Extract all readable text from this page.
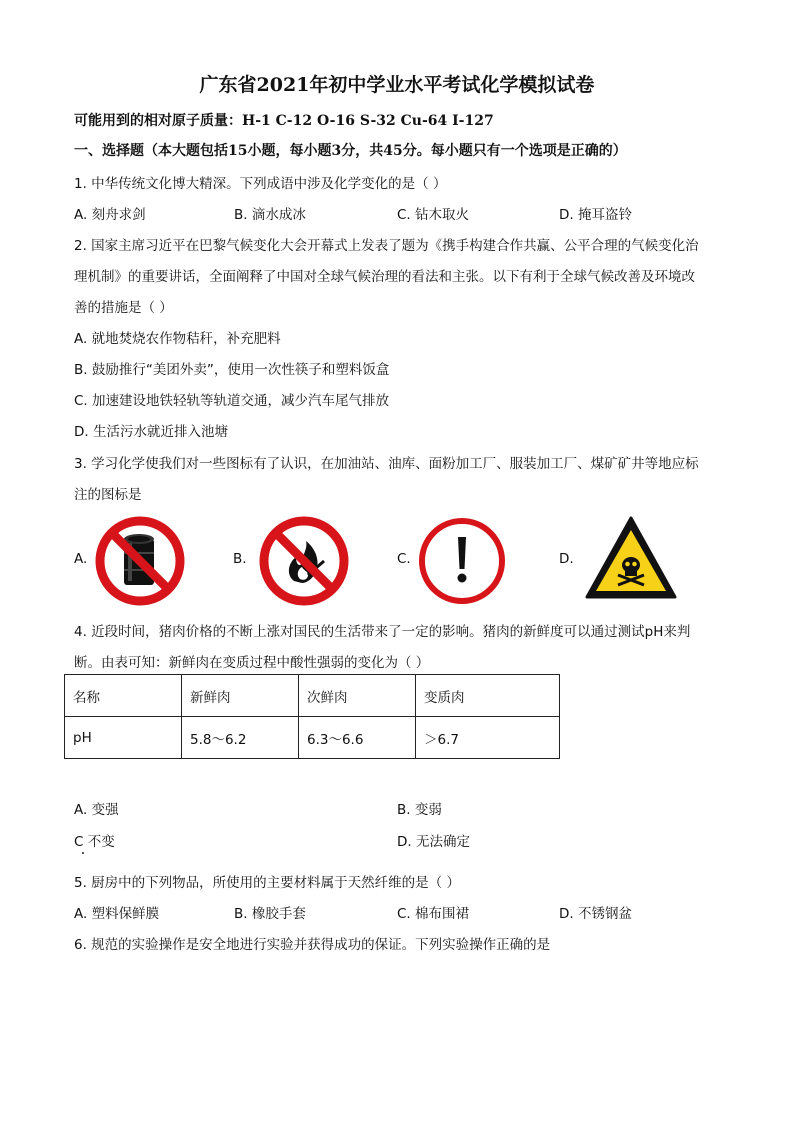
广东省2021年初中学业水平考试化学模拟试卷
可能用到的相对原子质量：H-1 C-12 O-16 S-32 Cu-64 I-127
一、选择题（本大题包括15小题，每小题3分，共45分。每小题只有一个选项是正确的）
1. 中华传统文化博大精深。下列成语中涉及化学变化的是（ ）
A. 刻舟求剑	B. 滴水成冰	C. 钻木取火	D. 掩耳盗铃
2. 国家主席习近平在巴黎气候变化大会开幕式上发表了题为《携手构建合作共赢、公平合理的气候变化治
理机制》的重要讲话，全面阐释了中国对全球气候治理的看法和主张。以下有利于全球气候改善及环境改
善的措施是（ ）
A. 就地焚烧农作物秸秆，补充肥料
B. 鼓励推行“美团外卖”，使用一次性筷子和塑料饭盒
C. 加速建设地铁轻轨等轨道交通，减少汽车尾气排放
D. 生活污水就近排入池塘
3. 学习化学使我们对一些图标有了认识，在加油站、油库、面粉加工厂、服装加工厂、煤矿矿井等地应标
注的图标是
A.	B.	C.	D.
4. 近段时间，猪肉价格的不断上涨对国民的生活带来了一定的影响。猪肉的新鲜度可以通过测试pH来判
断。由表可知：新鲜肉在变质过程中酸性强弱的变化为（ ）
名称	新鲜肉	次鲜肉	变质肉
pH	5.8～6.2	6.3～6.6	＞6.7
A. 变强	B. 变弱
C 不变	D. 无法确定
5. 厨房中的下列物品，所使用的主要材料属于天然纤维的是（ ）
A. 塑料保鲜膜	B. 橡胶手套	C. 棉布围裙	D. 不锈钢盆
6. 规范的实验操作是安全地进行实验并获得成功的保证。下列实验操作正确的是
